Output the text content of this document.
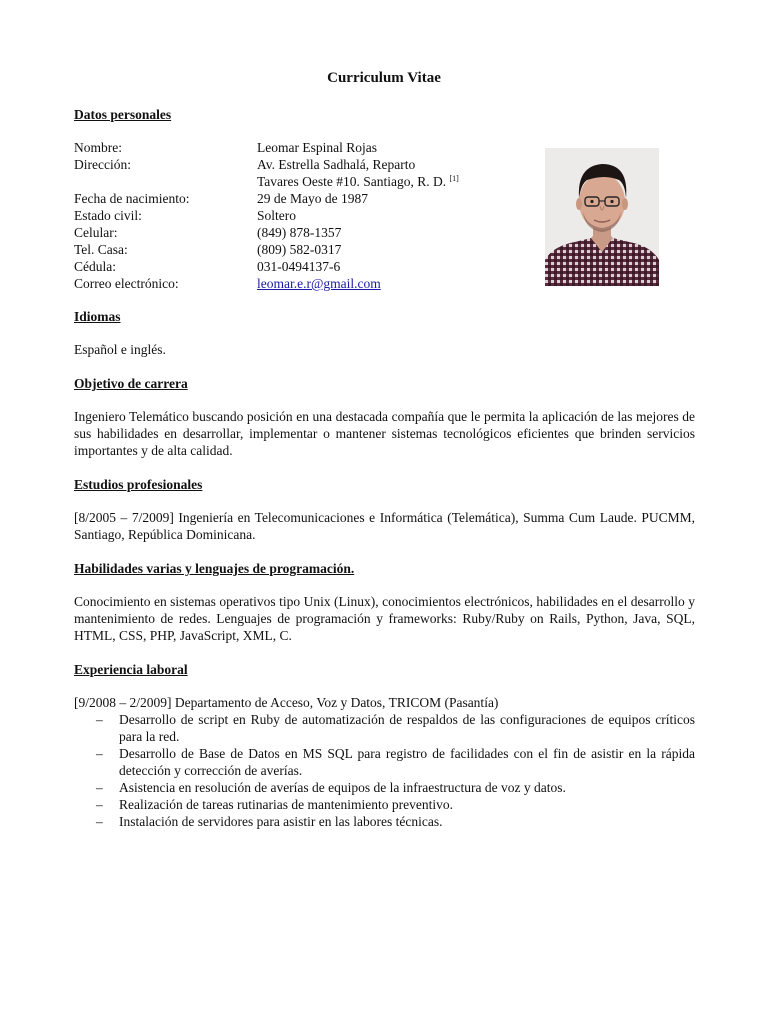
Curriculum Vitae
Datos personales
Nombre:	Leomar Espinal Rojas
Dirección:	Av. Estrella Sadhalá, Reparto
Tavares Oeste #10. Santiago, R. D. [1]
Fecha de nacimiento:	29 de Mayo de 1987
Estado civil:	Soltero
Celular:	(849) 878-1357
Tel. Casa:	(809) 582-0317
Cédula:	031-0494137-6
Correo electrónico:	leomar.e.r@gmail.com
Idiomas
Español e inglés.
Objetivo de carrera
Ingeniero Telemático buscando posición en una destacada compañía que le permita la aplicación de las mejores de sus habilidades en desarrollar, implementar o mantener sistemas tecnológicos eficientes que brinden servicios importantes y de alta calidad.
Estudios profesionales
[8/2005 – 7/2009] Ingeniería en Telecomunicaciones e Informática (Telemática), Summa Cum Laude. PUCMM, Santiago, República Dominicana.
Habilidades varias y lenguajes de programación.
Conocimiento en sistemas operativos tipo Unix (Linux), conocimientos electrónicos, habilidades en el desarrollo y mantenimiento de redes. Lenguajes de programación y frameworks: Ruby/Ruby on Rails, Python, Java, SQL, HTML, CSS, PHP, JavaScript, XML, C.
Experiencia laboral
[9/2008 – 2/2009] Departamento de Acceso, Voz y Datos, TRICOM (Pasantía)
– Desarrollo de script en Ruby de automatización de respaldos de las configuraciones de equipos críticos para la red.
– Desarrollo de Base de Datos en MS SQL para registro de facilidades con el fin de asistir en la rápida detección y corrección de averías.
– Asistencia en resolución de averías de equipos de la infraestructura de voz y datos.
– Realización de tareas rutinarias de mantenimiento preventivo.
– Instalación de servidores para asistir en las labores técnicas.
